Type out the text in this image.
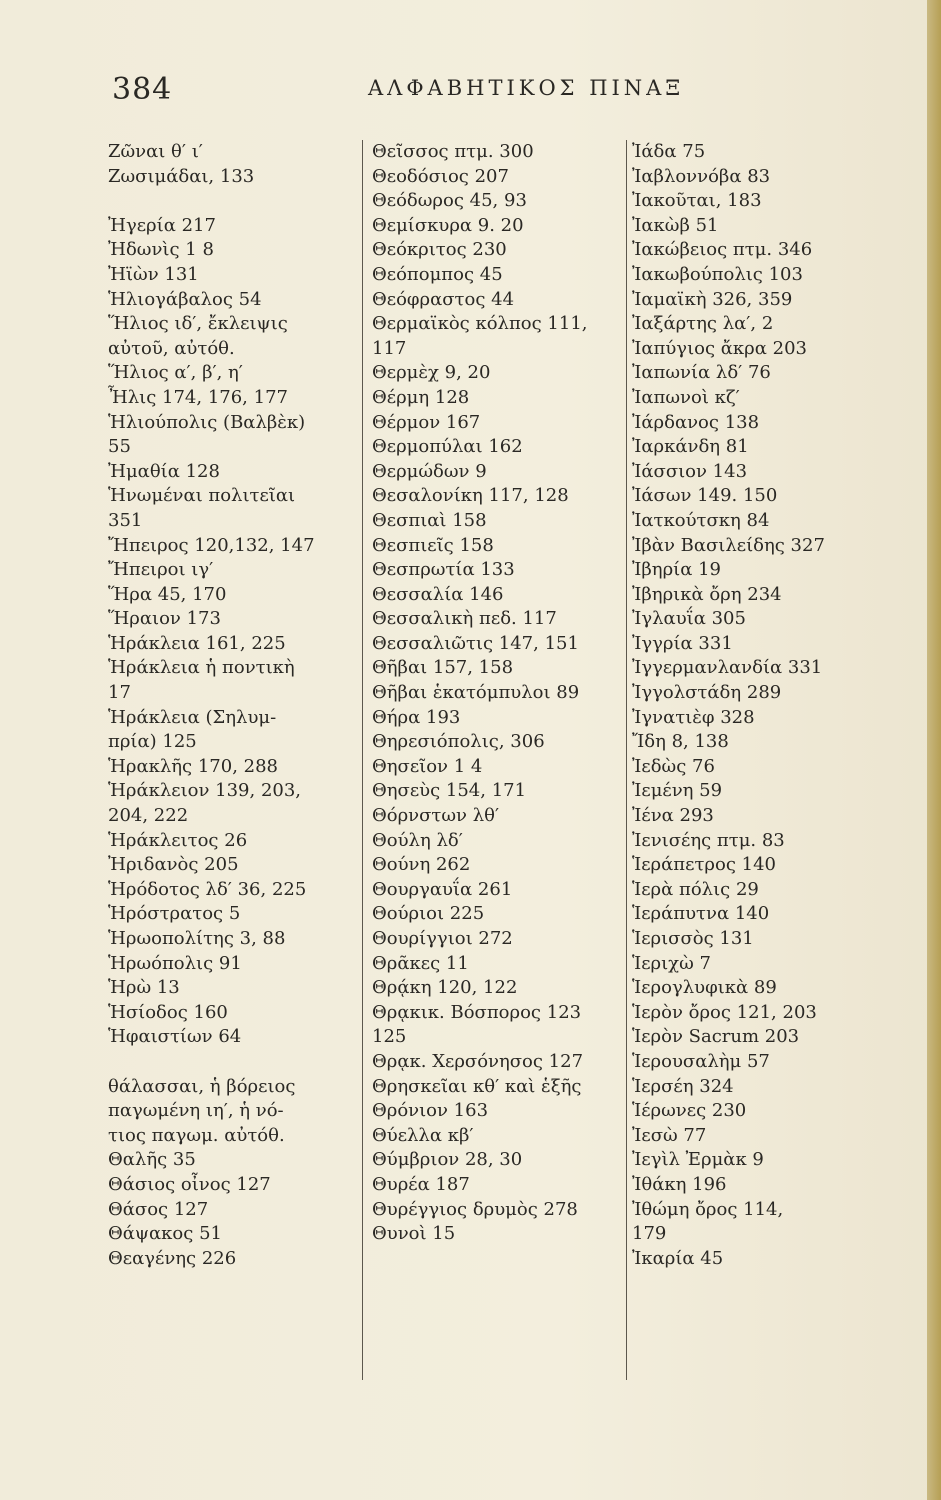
384	ΑΛΦΑΒΗΤΙΚΟΣ ΠΙΝΑΞ
Ζῶναι θ′ ι′
Ζωσιμάδαι, 133
Ἠγερία 217
Ἠδωνὶς 1 8
Ἠϊὼν 131
Ἡλιογάβαλος 54
Ἥλιος ιδ′, ἔκλειψις
αὐτοῦ, αὐτόθ.
Ἥλιος α′, β′, η′
Ἦλις 174, 176, 177
Ἡλιούπολις (Βαλβὲκ)
55
Ἠμαθία 128
Ἡνωμέναι πολιτεῖαι
351
Ἤπειρος 120,132, 147
Ἤπειροι ιγ′
Ἥρα 45, 170
Ἥραιον 173
Ἡράκλεια 161, 225
Ἡράκλεια ἡ ποντικὴ
17
Ἡράκλεια (Σηλυμ-
πρία) 125
Ἡρακλῆς 170, 288
Ἡράκλειον 139, 203,
204, 222
Ἡράκλειτος 26
Ἠριδανὸς 205
Ἡρόδοτος λδ′ 36, 225
Ἡρόστρατος 5
Ἡρωοπολίτης 3, 88
Ἡρωόπολις 91
Ἡρὼ 13
Ἡσίοδος 160
Ἡφαιστίων 64
θάλασσαι, ἡ βόρειος
παγωμένη ιη′, ἡ νό-
τιος παγωμ. αὐτόθ.
Θαλῆς 35
Θάσιος οἶνος 127
Θάσος 127
Θάψακος 51
Θεαγένης 226
Θεῖσσος πτμ. 300
Θεοδόσιος 207
Θεόδωρος 45, 93
Θεμίσκυρα 9. 20
Θεόκριτος 230
Θεόπομπος 45
Θεόφραστος 44
Θερμαϊκὸς κόλπος 111,
117
Θερμὲχ 9, 20
Θέρμη 128
Θέρμον 167
Θερμοπύλαι 162
Θερμώδων 9
Θεσαλονίκη 117, 128
Θεσπιαὶ 158
Θεσπιεῖς 158
Θεσπρωτία 133
Θεσσαλία 146
Θεσσαλικὴ πεδ. 117
Θεσσαλιῶτις 147, 151
Θῆβαι 157, 158
Θῆβαι ἑκατόμπυλοι 89
Θήρα 193
Θηρεσιόπολις, 306
Θησεῖον 1 4
Θησεὺς 154, 171
Θόρνστων λθ′
Θούλη λδ′
Θούνη 262
Θουργαυΐα 261
Θούριοι 225
Θουρίγγιοι 272
Θρᾶκες 11
Θρᾴκη 120, 122
Θρᾳκικ. Βόσπορος 123
125
Θρᾳκ. Χερσόνησος 127
Θρησκεῖαι κθ′ καὶ ἑξῆς
Θρόνιον 163
Θύελλα κβ′
Θύμβριον 28, 30
Θυρέα 187
Θυρέγγιος δρυμὸς 278
Θυνοὶ 15
Ἰάδα 75
Ἰαβλοννόβα 83
Ἰακοῦται, 183
Ἰακὼβ 51
Ἰακώβειος πτμ. 346
Ἰακωβούπολις 103
Ἰαμαϊκὴ 326, 359
Ἰαξάρτης λα′, 2
Ἰαπύγιος ἄκρα 203
Ἰαπωνία λδ′ 76
Ἰαπωνοὶ κζ′
Ἰάρδανος 138
Ἰαρκάνδη 81
Ἰάσσιον 143
Ἰάσων 149. 150
Ἰατκούτσκη 84
Ἰβὰν Βασιλείδης 327
Ἰβηρία 19
Ἰβηρικὰ ὄρη 234
Ἰγλαυΐα 305
Ἰγγρία 331
Ἰγγερμανλανδία 331
Ἰγγολστάδη 289
Ἰγνατιὲφ 328
Ἴδη 8, 138
Ἰεδὼς 76
Ἰεμένη 59
Ἰένα 293
Ἰενισέης πτμ. 83
Ἱεράπετρος 140
Ἱερὰ πόλις 29
Ἱεράπυτνα 140
Ἱερισσὸς 131
Ἱεριχὼ 7
Ἱερογλυφικὰ 89
Ἱερὸν ὄρος 121, 203
Ἱερὸν Sacrum 203
Ἱερουσαλὴμ 57
Ἱερσέη 324
Ἱέρωνες 230
Ἰεσὼ 77
Ἰεγὶλ Ἐρμὰκ 9
Ἰθάκη 196
Ἰθώμη ὄρος 114,
179
Ἰκαρία 45
